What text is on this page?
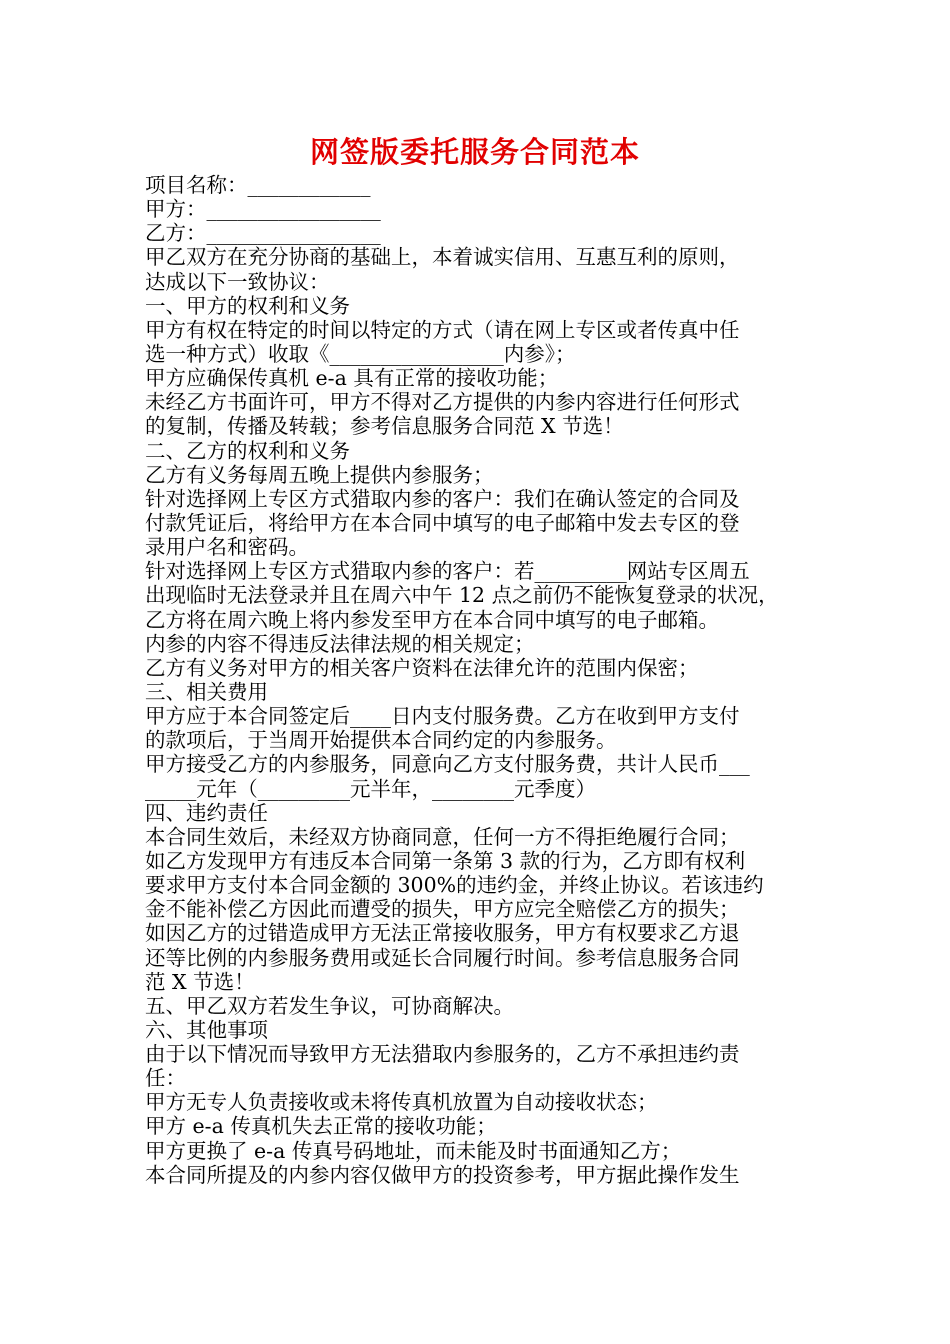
网签版委托服务合同范本
项目名称：____________
甲方：_________________
乙方：_________________
甲乙双方在充分协商的基础上，本着诚实信用、互惠互利的原则，
达成以下一致协议：
一、甲方的权利和义务
甲方有权在特定的时间以特定的方式（请在网上专区或者传真中任
选一种方式）收取《_________________内参》；
甲方应确保传真机 e-a 具有正常的接收功能；
未经乙方书面许可，甲方不得对乙方提供的内参内容进行任何形式
的复制，传播及转载；参考信息服务合同范 X 节选！
二、乙方的权利和义务
乙方有义务每周五晚上提供内参服务；
针对选择网上专区方式猎取内参的客户：我们在确认签定的合同及
付款凭证后，将给甲方在本合同中填写的电子邮箱中发去专区的登
录用户名和密码。
针对选择网上专区方式猎取内参的客户：若_________网站专区周五
出现临时无法登录并且在周六中午 12 点之前仍不能恢复登录的状况，
乙方将在周六晚上将内参发至甲方在本合同中填写的电子邮箱。
内参的内容不得违反法律法规的相关规定；
乙方有义务对甲方的相关客户资料在法律允许的范围内保密；
三、相关费用
甲方应于本合同签定后____日内支付服务费。乙方在收到甲方支付
的款项后，于当周开始提供本合同约定的内参服务。
甲方接受乙方的内参服务，同意向乙方支付服务费，共计人民币___
_____元年（_________元半年，________元季度）
四、违约责任
本合同生效后，未经双方协商同意，任何一方不得拒绝履行合同；
如乙方发现甲方有违反本合同第一条第 3 款的行为，乙方即有权利
要求甲方支付本合同金额的 300%的违约金，并终止协议。若该违约
金不能补偿乙方因此而遭受的损失，甲方应完全赔偿乙方的损失；
如因乙方的过错造成甲方无法正常接收服务，甲方有权要求乙方退
还等比例的内参服务费用或延长合同履行时间。参考信息服务合同
范 X 节选！
五、甲乙双方若发生争议，可协商解决。
六、其他事项
由于以下情况而导致甲方无法猎取内参服务的，乙方不承担违约责
任：
甲方无专人负责接收或未将传真机放置为自动接收状态；
甲方 e-a 传真机失去正常的接收功能；
甲方更换了 e-a 传真号码地址，而未能及时书面通知乙方；
本合同所提及的内参内容仅做甲方的投资参考，甲方据此操作发生
